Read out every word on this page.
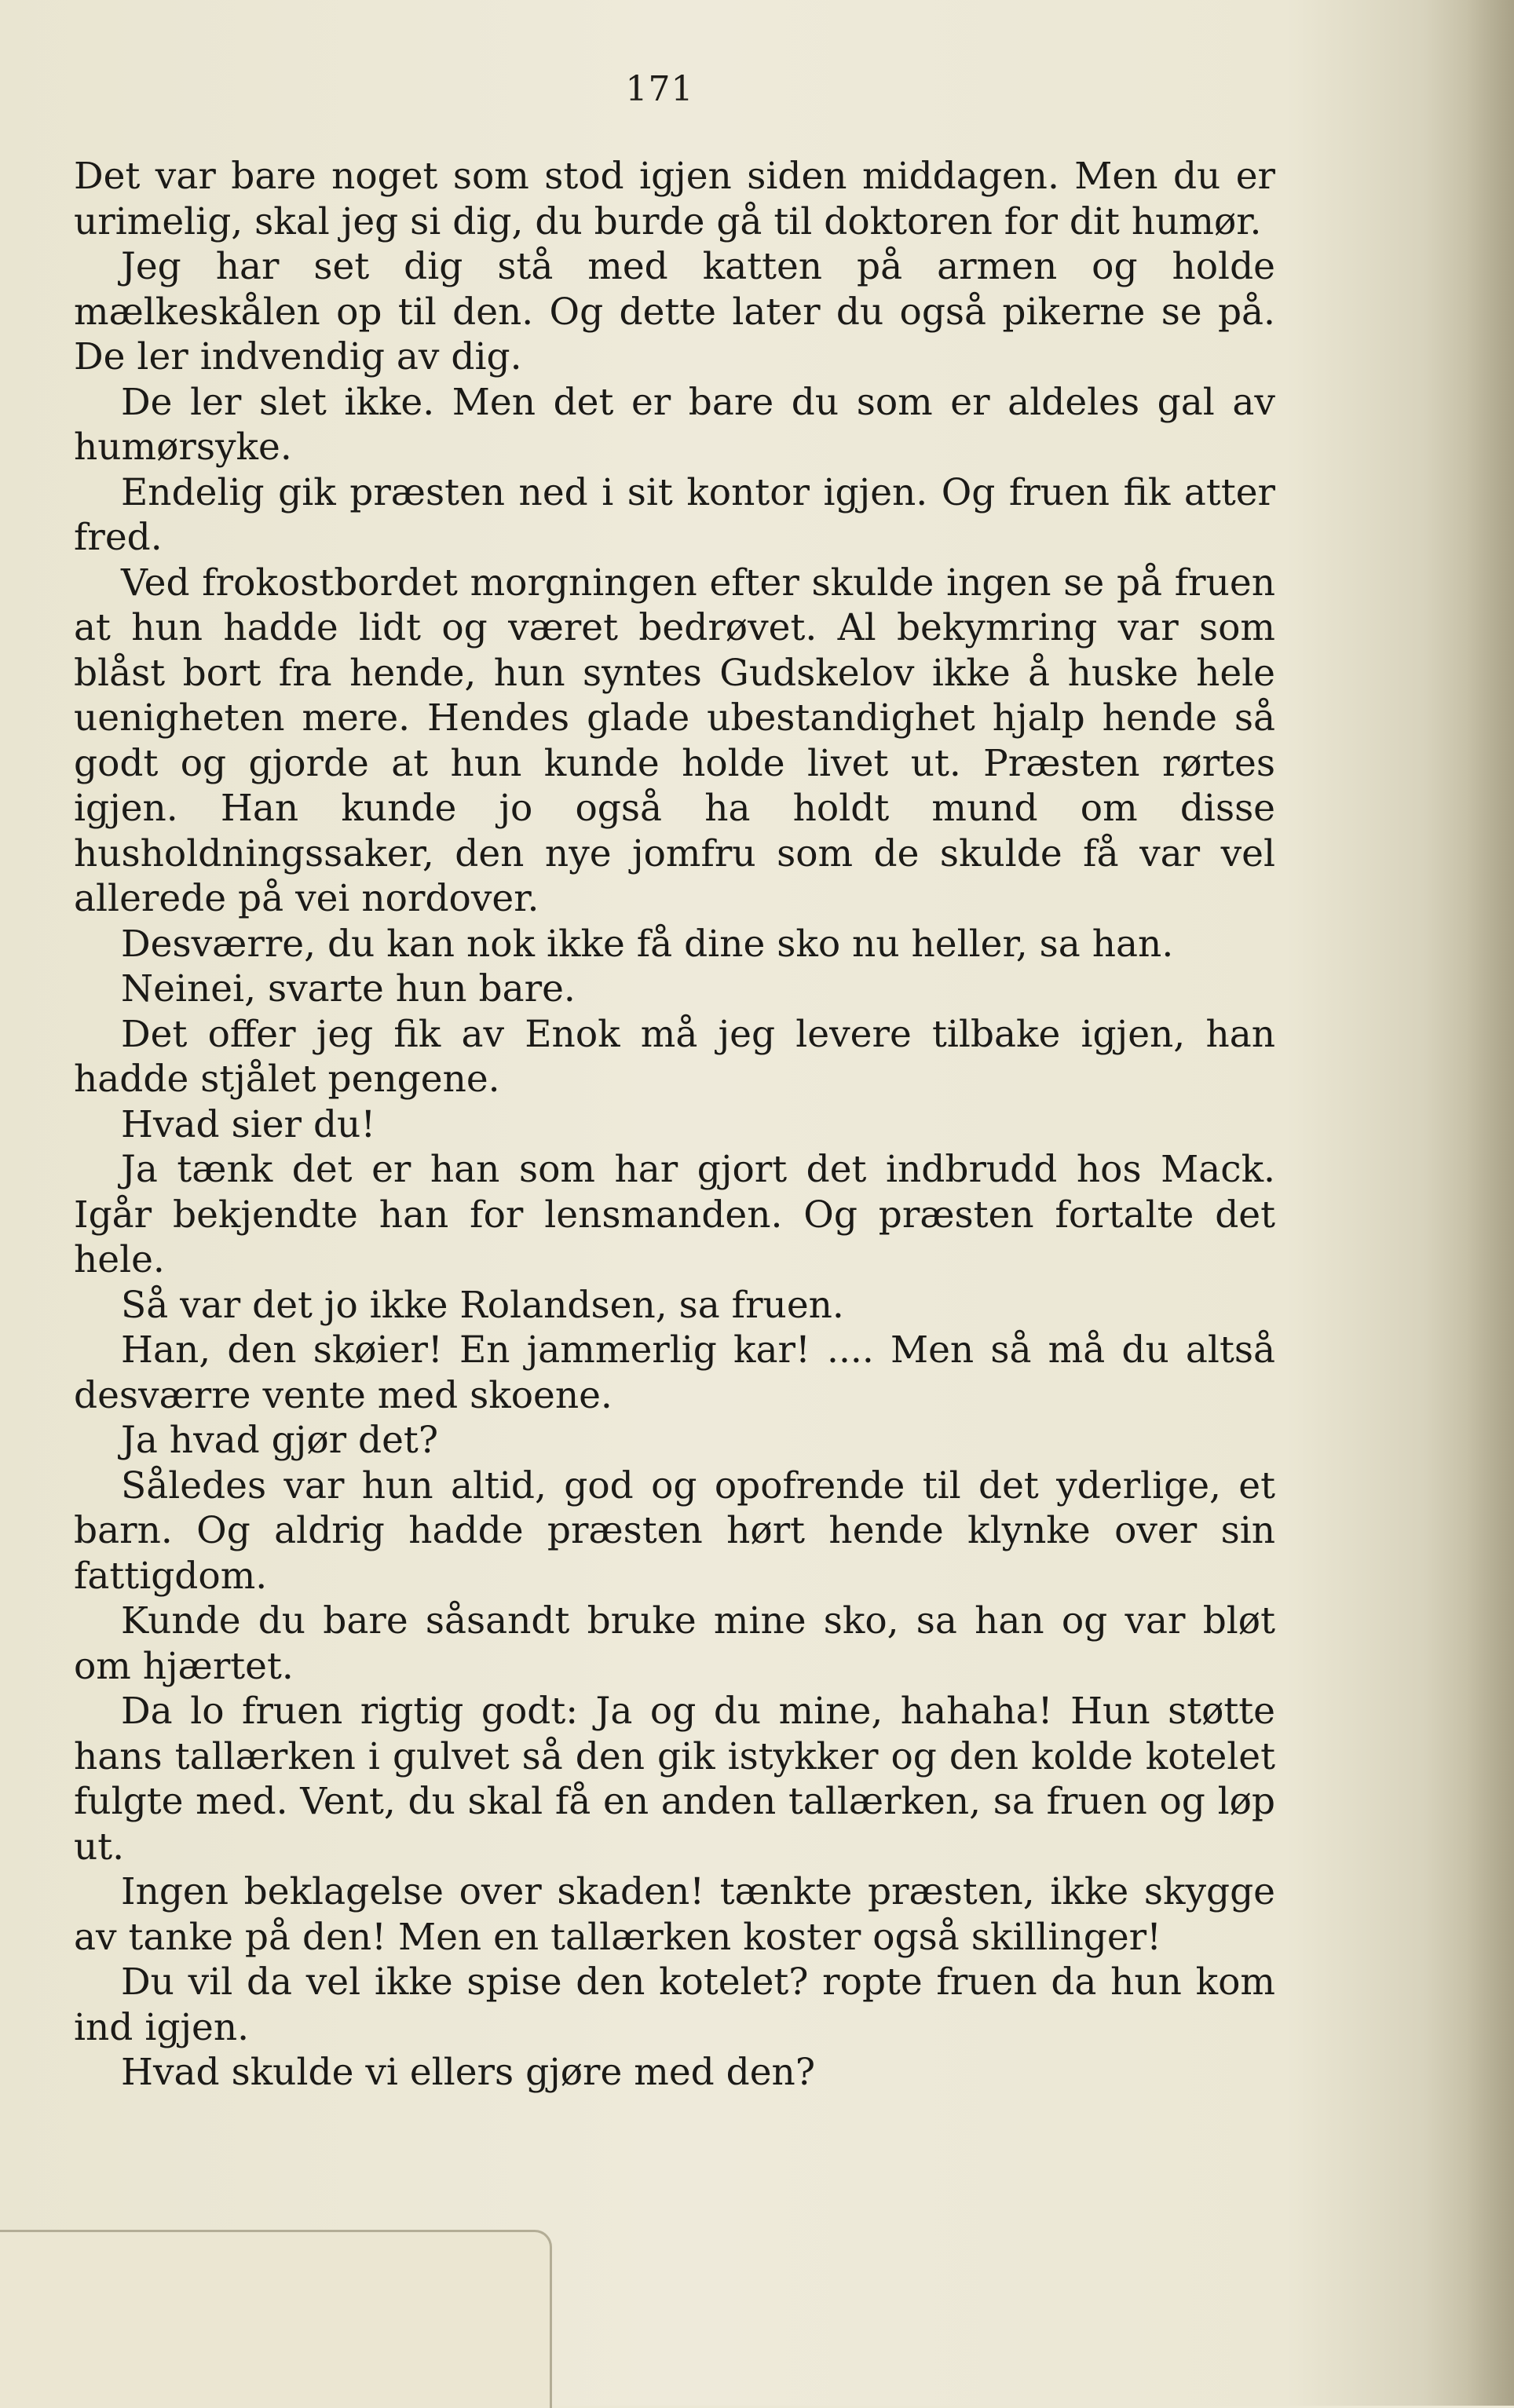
171

Det var bare noget som stod igjen siden middagen. Men du er urimelig, skal jeg si dig, du burde gå til doktoren for dit humør.

Jeg har set dig stå med katten på armen og holde mælkeskålen op til den. Og dette later du også pikerne se på. De ler indvendig av dig.

De ler slet ikke. Men det er bare du som er aldeles gal av humørsyke.

Endelig gik præsten ned i sit kontor igjen. Og fruen fik atter fred.

Ved frokostbordet morgningen efter skulde ingen se på fruen at hun hadde lidt og været bedrøvet. Al bekymring var som blåst bort fra hende, hun syntes Gudskelov ikke å huske hele uenigheten mere. Hendes glade ubestandighet hjalp hende så godt og gjorde at hun kunde holde livet ut. Præsten rørtes igjen. Han kunde jo også ha holdt mund om disse husholdningssaker, den nye jomfru som de skulde få var vel allerede på vei nordover.

Desværre, du kan nok ikke få dine sko nu heller, sa han.

Neinei, svarte hun bare.

Det offer jeg fik av Enok må jeg levere tilbake igjen, han hadde stjålet pengene.

Hvad sier du!

Ja tænk det er han som har gjort det indbrudd hos Mack. Igår bekjendte han for lensmanden. Og præsten fortalte det hele.

Så var det jo ikke Rolandsen, sa fruen.

Han, den skøier! En jammerlig kar! .... Men så må du altså desværre vente med skoene.

Ja hvad gjør det?

Således var hun altid, god og opofrende til det yderlige, et barn. Og aldrig hadde præsten hørt hende klynke over sin fattigdom.

Kunde du bare såsandt bruke mine sko, sa han og var bløt om hjærtet.

Da lo fruen rigtig godt: Ja og du mine, hahaha! Hun støtte hans tallærken i gulvet så den gik istykker og den kolde kotelet fulgte med. Vent, du skal få en anden tallærken, sa fruen og løp ut.

Ingen beklagelse over skaden! tænkte præsten, ikke skygge av tanke på den! Men en tallærken koster også skillinger!

Du vil da vel ikke spise den kotelet? ropte fruen da hun kom ind igjen.

Hvad skulde vi ellers gjøre med den?
